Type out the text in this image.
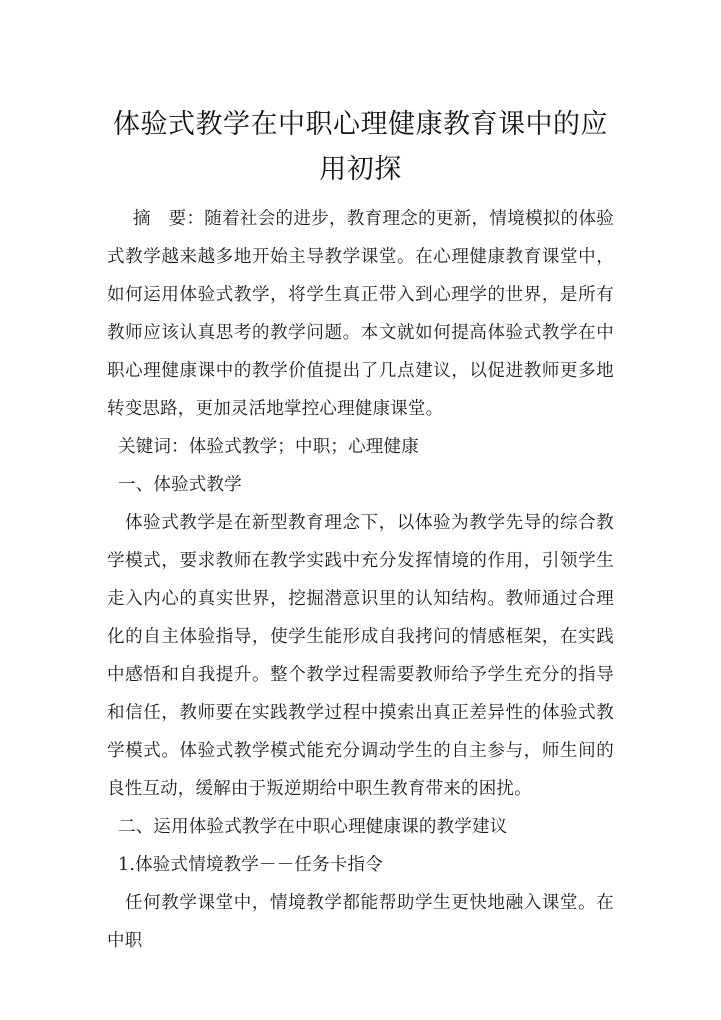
体验式教学在中职心理健康教育课中的应用初探

摘　要：随着社会的进步，教育理念的更新，情境模拟的体验式教学越来越多地开始主导教学课堂。在心理健康教育课堂中，如何运用体验式教学，将学生真正带入到心理学的世界，是所有教师应该认真思考的教学问题。本文就如何提高体验式教学在中职心理健康课中的教学价值提出了几点建议，以促进教师更多地转变思路，更加灵活地掌控心理健康课堂。

关键词：体验式教学；中职；心理健康

一、体验式教学

体验式教学是在新型教育理念下，以体验为教学先导的综合教学模式，要求教师在教学实践中充分发挥情境的作用，引领学生走入内心的真实世界，挖掘潜意识里的认知结构。教师通过合理化的自主体验指导，使学生能形成自我拷问的情感框架，在实践中感悟和自我提升。整个教学过程需要教师给予学生充分的指导和信任，教师要在实践教学过程中摸索出真正差异性的体验式教学模式。体验式教学模式能充分调动学生的自主参与，师生间的良性互动，缓解由于叛逆期给中职生教育带来的困扰。

二、运用体验式教学在中职心理健康课的教学建议

1.体验式情境教学－－任务卡指令

任何教学课堂中，情境教学都能帮助学生更快地融入课堂。在中职
